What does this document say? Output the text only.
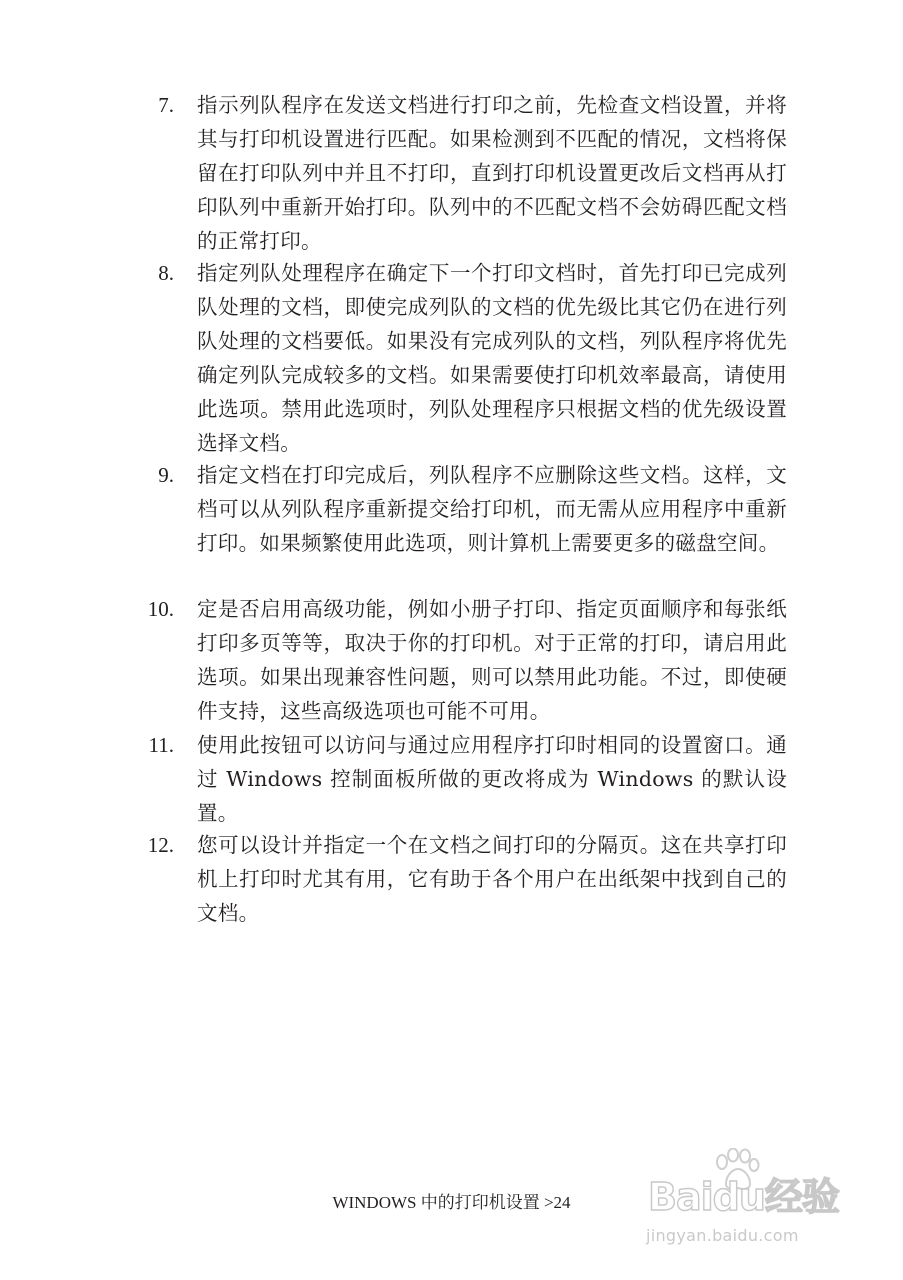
7. 指示列队程序在发送文档进行打印之前，先检查文档设置，并将其与打印机设置进行匹配。如果检测到不匹配的情况，文档将保留在打印队列中并且不打印，直到打印机设置更改后文档再从打印队列中重新开始打印。队列中的不匹配文档不会妨碍匹配文档的正常打印。
8. 指定列队处理程序在确定下一个打印文档时，首先打印已完成列队处理的文档，即使完成列队的文档的优先级比其它仍在进行列队处理的文档要低。如果没有完成列队的文档，列队程序将优先确定列队完成较多的文档。如果需要使打印机效率最高，请使用此选项。禁用此选项时，列队处理程序只根据文档的优先级设置选择文档。
9. 指定文档在打印完成后，列队程序不应删除这些文档。这样，文档可以从列队程序重新提交给打印机，而无需从应用程序中重新打印。如果频繁使用此选项，则计算机上需要更多的磁盘空间。
10. 定是否启用高级功能，例如小册子打印、指定页面顺序和每张纸打印多页等等，取决于你的打印机。对于正常的打印，请启用此选项。如果出现兼容性问题，则可以禁用此功能。不过，即使硬件支持，这些高级选项也可能不可用。
11. 使用此按钮可以访问与通过应用程序打印时相同的设置窗口。通过 Windows 控制面板所做的更改将成为 Windows 的默认设置。
12. 您可以设计并指定一个在文档之间打印的分隔页。这在共享打印机上打印时尤其有用，它有助于各个用户在出纸架中找到自己的文档。
WINDOWS 中的打印机设置 >24	Baidu经验
jingyan.baidu.com
